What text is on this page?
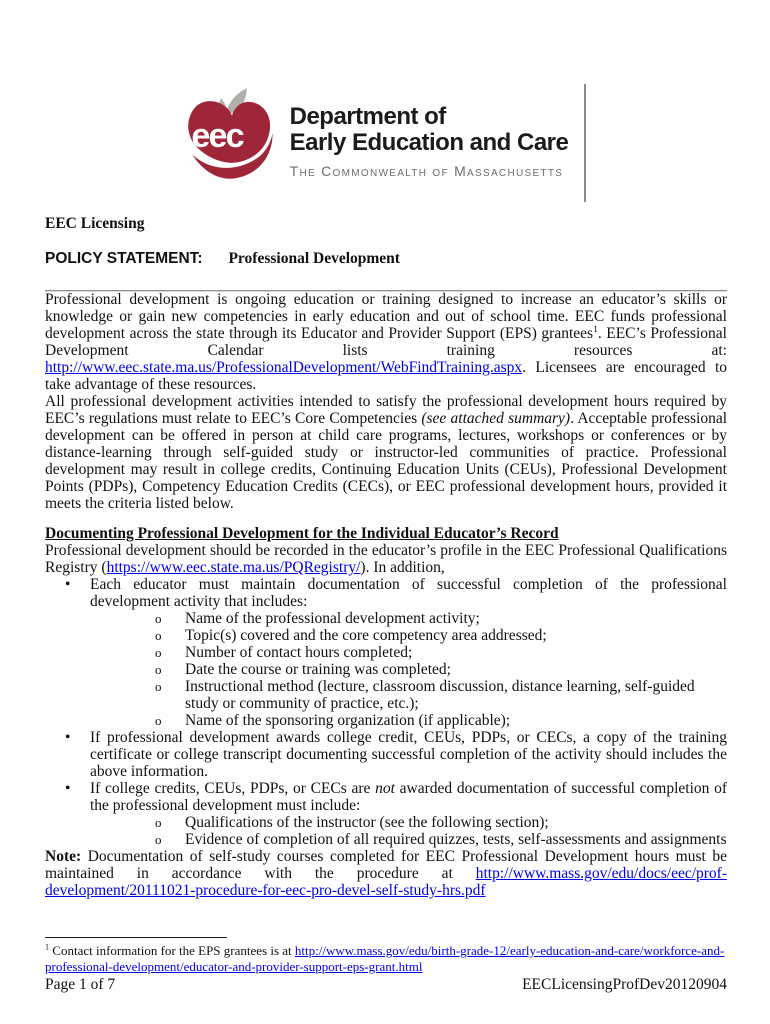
eec
Department of
Early Education and Care
The Commonwealth of Massachusetts
EEC Licensing
POLICY STATEMENT: Professional Development

Professional development is ongoing education or training designed to increase an educator’s skills or knowledge or gain new competencies in early education and out of school time. EEC funds professional development across the state through its Educator and Provider Support (EPS) grantees$^1$. EEC’s Professional Development Calendar lists training resources at: http://www.eec.state.ma.us/ProfessionalDevelopment/WebFindTraining.aspx. Licensees are encouraged to take advantage of these resources.

All professional development activities intended to satisfy the professional development hours required by EEC’s regulations must relate to EEC’s Core Competencies (see attached summary). Acceptable professional development can be offered in person at child care programs, lectures, workshops or conferences or by distance-learning through self-guided study or instructor-led communities of practice. Professional development may result in college credits, Continuing Education Units (CEUs), Professional Development Points (PDPs), Competency Education Credits (CECs), or EEC professional development hours, provided it meets the criteria listed below.

Documenting Professional Development for the Individual Educator’s Record

Professional development should be recorded in the educator’s profile in the EEC Professional Qualifications Registry (https://www.eec.state.ma.us/PQRegistry/). In addition,

•	Each educator must maintain documentation of successful completion of the professional development activity that includes:
o	Name of the professional development activity;
o	Topic(s) covered and the core competency area addressed;
o	Number of contact hours completed;
o	Date the course or training was completed;
o	Instructional method (lecture, classroom discussion, distance learning, self-guided study or community of practice, etc.);
o	Name of the sponsoring organization (if applicable);
•	If professional development awards college credit, CEUs, PDPs, or CECs, a copy of the training certificate or college transcript documenting successful completion of the activity should includes the above information.
•	If college credits, CEUs, PDPs, or CECs are not awarded documentation of successful completion of the professional development must include:
o	Qualifications of the instructor (see the following section);
o	Evidence of completion of all required quizzes, tests, self-assessments and assignments

Note: Documentation of self-study courses completed for EEC Professional Development hours must be maintained in accordance with the procedure at http://www.mass.gov/edu/docs/eec/prof-development/20111021-procedure-for-eec-pro-devel-self-study-hrs.pdf

$^1$ Contact information for the EPS grantees is at http://www.mass.gov/edu/birth-grade-12/early-education-and-care/workforce-and-professional-development/educator-and-provider-support-eps-grant.html
Page 1 of 7	EECLicensingProfDev20120904
